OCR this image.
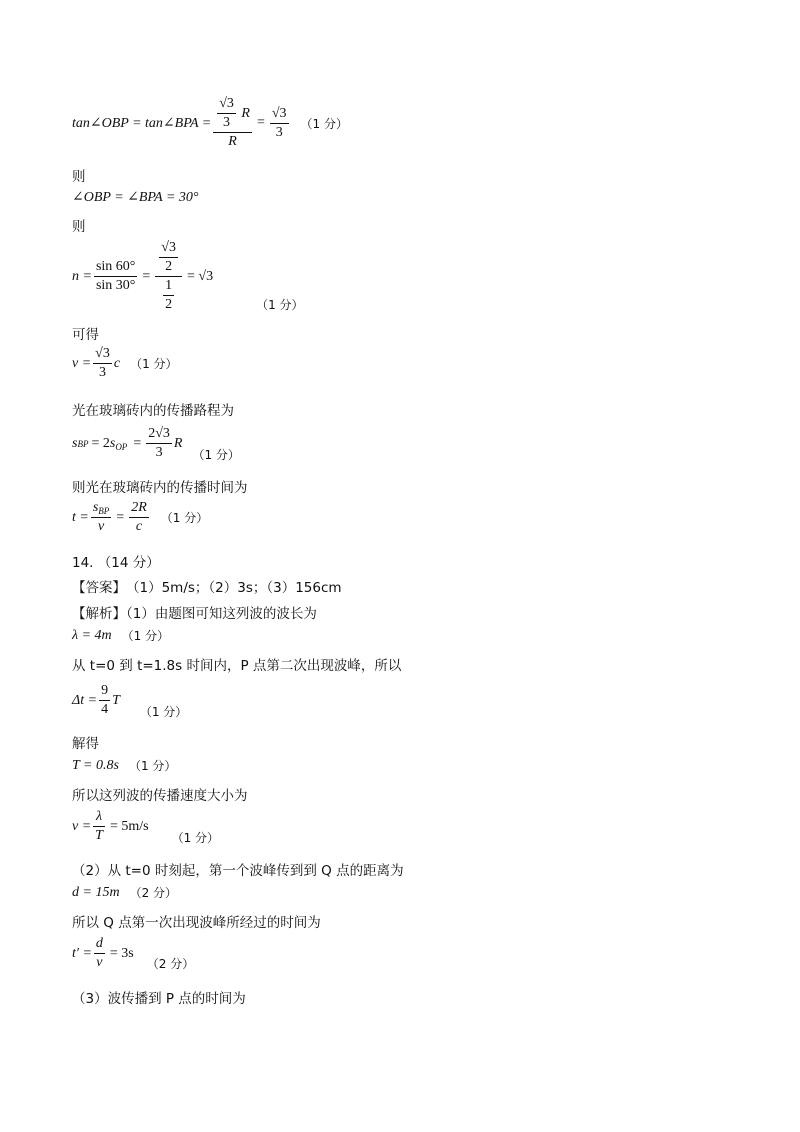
tan∠OBP = tan∠BPA = $\frac{\frac{√3}{3} R}{R} = \frac{√3}{3} (1$ 分）
则
∠OBP = ∠BPA = 30°
则
$n = \frac{\sin 60^\circ}{\sin 30^\circ} = \frac{\frac{√3}{2}}{\frac{1}{2}} = √3$
（1 分）
可得
$v = \frac{√3}{3}$ c （1 分）
光在玻璃砖内的传播路程为
s BP = $2s_{OP} = \frac{2√3}{3}$ R
（1 分）
则光在玻璃砖内的传播时间为
$t = \frac{s_{BP}}{v} = \frac{2R}{c} (1$ 分）
14. （14 分）
【答案】　（1）5m/s；（2）3s；（3）156cm
【解析】（1）由题图可知这列波的波长为
λ = 4m （1 分）
从 t=0 到 t=1.8s 时间内，P 点第二次出现波峰，所以
$\Delta t = \frac{9}{4}$ T
（1 分）
解得
T = 0.8s （1 分）
所以这列波的传播速度大小为
$v = \frac{\lambda}{T} = 5m/s$
（1 分）
（2）从 t=0 时刻起，第一个波峰传到到 Q 点的距离为
d = 15m （2 分）
所以 Q 点第一次出现波峰所经过的时间为
$t' = \frac{d}{v} = 3s$
（2 分）
（3）波传播到 P 点的时间为
